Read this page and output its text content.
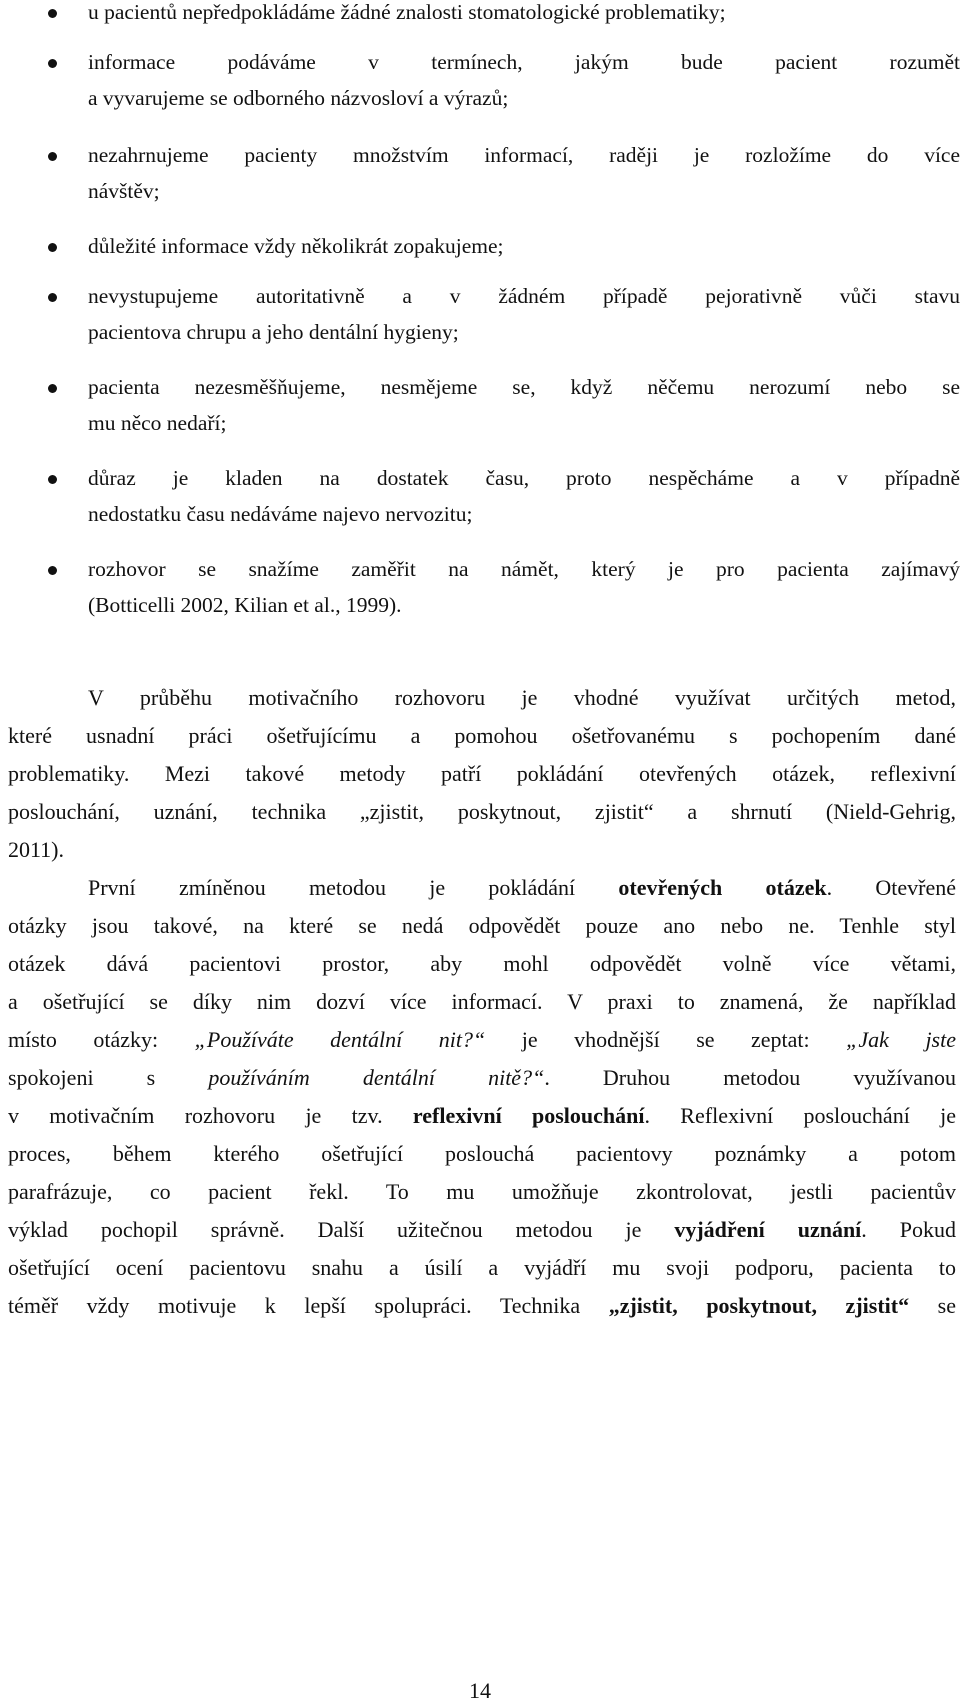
u pacientů nepředpokládáme žádné znalosti stomatologické problematiky;
informace podáváme v termínech, jakým bude pacient rozumět
a vyvarujeme se odborného názvosloví a výrazů;
nezahrnujeme pacienty množstvím informací, raději je rozložíme do více
návštěv;
důležité informace vždy několikrát zopakujeme;
nevystupujeme autoritativně a v žádném případě pejorativně vůči stavu
pacientova chrupu a jeho dentální hygieny;
pacienta nezesměšňujeme, nesmějeme se, když něčemu nerozumí nebo se
mu něco nedaří;
důraz je kladen na dostatek času, proto nespěcháme a v případně
nedostatku času nedáváme najevo nervozitu;
rozhovor se snažíme zaměřit na námět, který je pro pacienta zajímavý
(Botticelli 2002, Kilian et al., 1999).
V průběhu motivačního rozhovoru je vhodné využívat určitých metod,
které usnadní práci ošetřujícímu a pomohou ošetřovanému s pochopením dané
problematiky. Mezi takové metody patří pokládání otevřených otázek, reflexivní
poslouchání, uznání, technika „zjistit, poskytnout, zjistit“ a shrnutí (Nield-Gehrig,
2011).
První zmíněnou metodou je pokládání otevřených otázek. Otevřené
otázky jsou takové, na které se nedá odpovědět pouze ano nebo ne. Tenhle styl
otázek dává pacientovi prostor, aby mohl odpovědět volně více větami,
a ošetřující se díky nim dozví více informací. V praxi to znamená, že například
místo otázky: „Používáte dentální nit?“ je vhodnější se zeptat: „Jak jste
spokojeni s používáním dentální nitě?“. Druhou metodou využívanou
v motivačním rozhovoru je tzv. reflexivní poslouchání. Reflexivní poslouchání je
proces, během kterého ošetřující poslouchá pacientovy poznámky a potom
parafrázuje, co pacient řekl. To mu umožňuje zkontrolovat, jestli pacientův
výklad pochopil správně. Další užitečnou metodou je vyjádření uznání. Pokud
ošetřující ocení pacientovu snahu a úsilí a vyjádří mu svoji podporu, pacienta to
téměř vždy motivuje k lepší spolupráci. Technika „zjistit, poskytnout, zjistit“ se
14
